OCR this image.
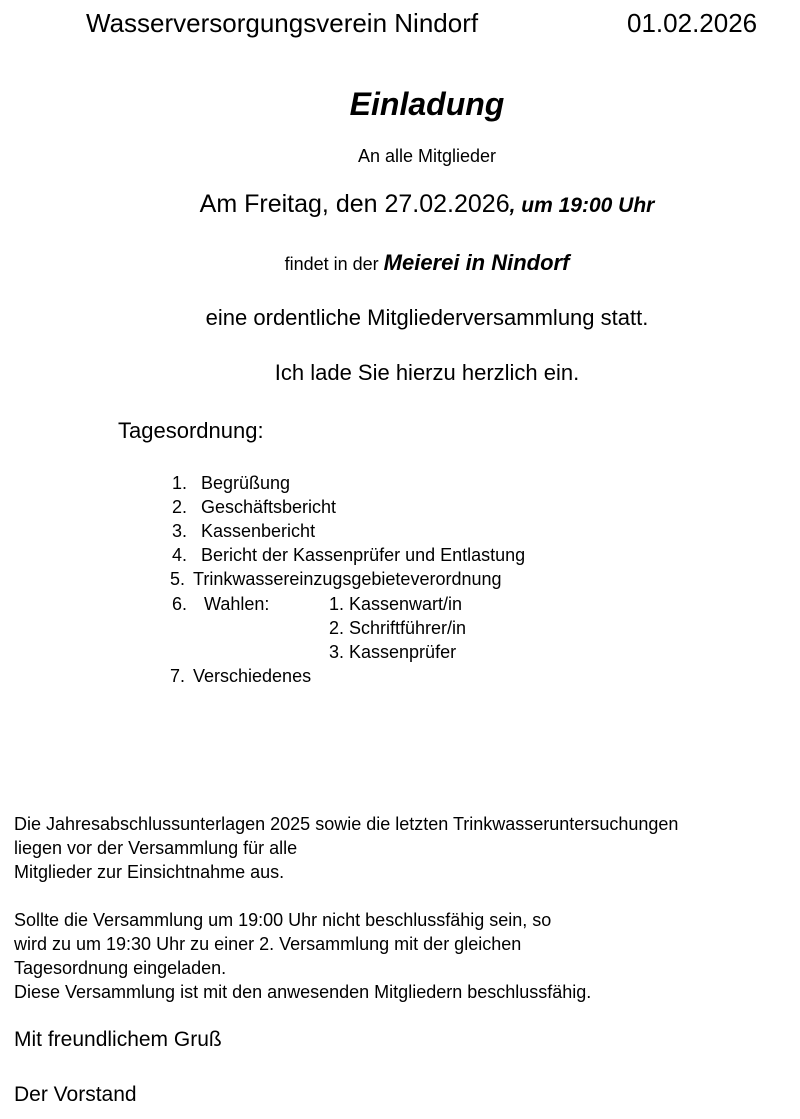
Wasserversorgungsverein Nindorf	01.02.2026
Einladung
An alle Mitglieder
Am Freitag, den 27.02.2026, um 19:00 Uhr
findet in der Meierei in Nindorf
eine ordentliche Mitgliederversammlung statt.
Ich lade Sie hierzu herzlich ein.
Tagesordnung:
1. Begrüßung
2. Geschäftsbericht
3. Kassenbericht
4. Bericht der Kassenprüfer und Entlastung
5. Trinkwassereinzugsgebieteverordnung
6. Wahlen:	1. Kassenwart/in
2. Schriftführer/in
3. Kassenprüfer
7. Verschiedenes

Die Jahresabschlussunterlagen 2025 sowie die letzten Trinkwasseruntersuchungen

liegen vor der Versammlung für alle

Mitglieder zur Einsichtnahme aus.

Sollte die Versammlung um 19:00 Uhr nicht beschlussfähig sein, so

wird zu um 19:30 Uhr zu einer 2. Versammlung mit der gleichen

Tagesordnung eingeladen.

Diese Versammlung ist mit den anwesenden Mitgliedern beschlussfähig.

Mit freundlichem Gruß
Der Vorstand
